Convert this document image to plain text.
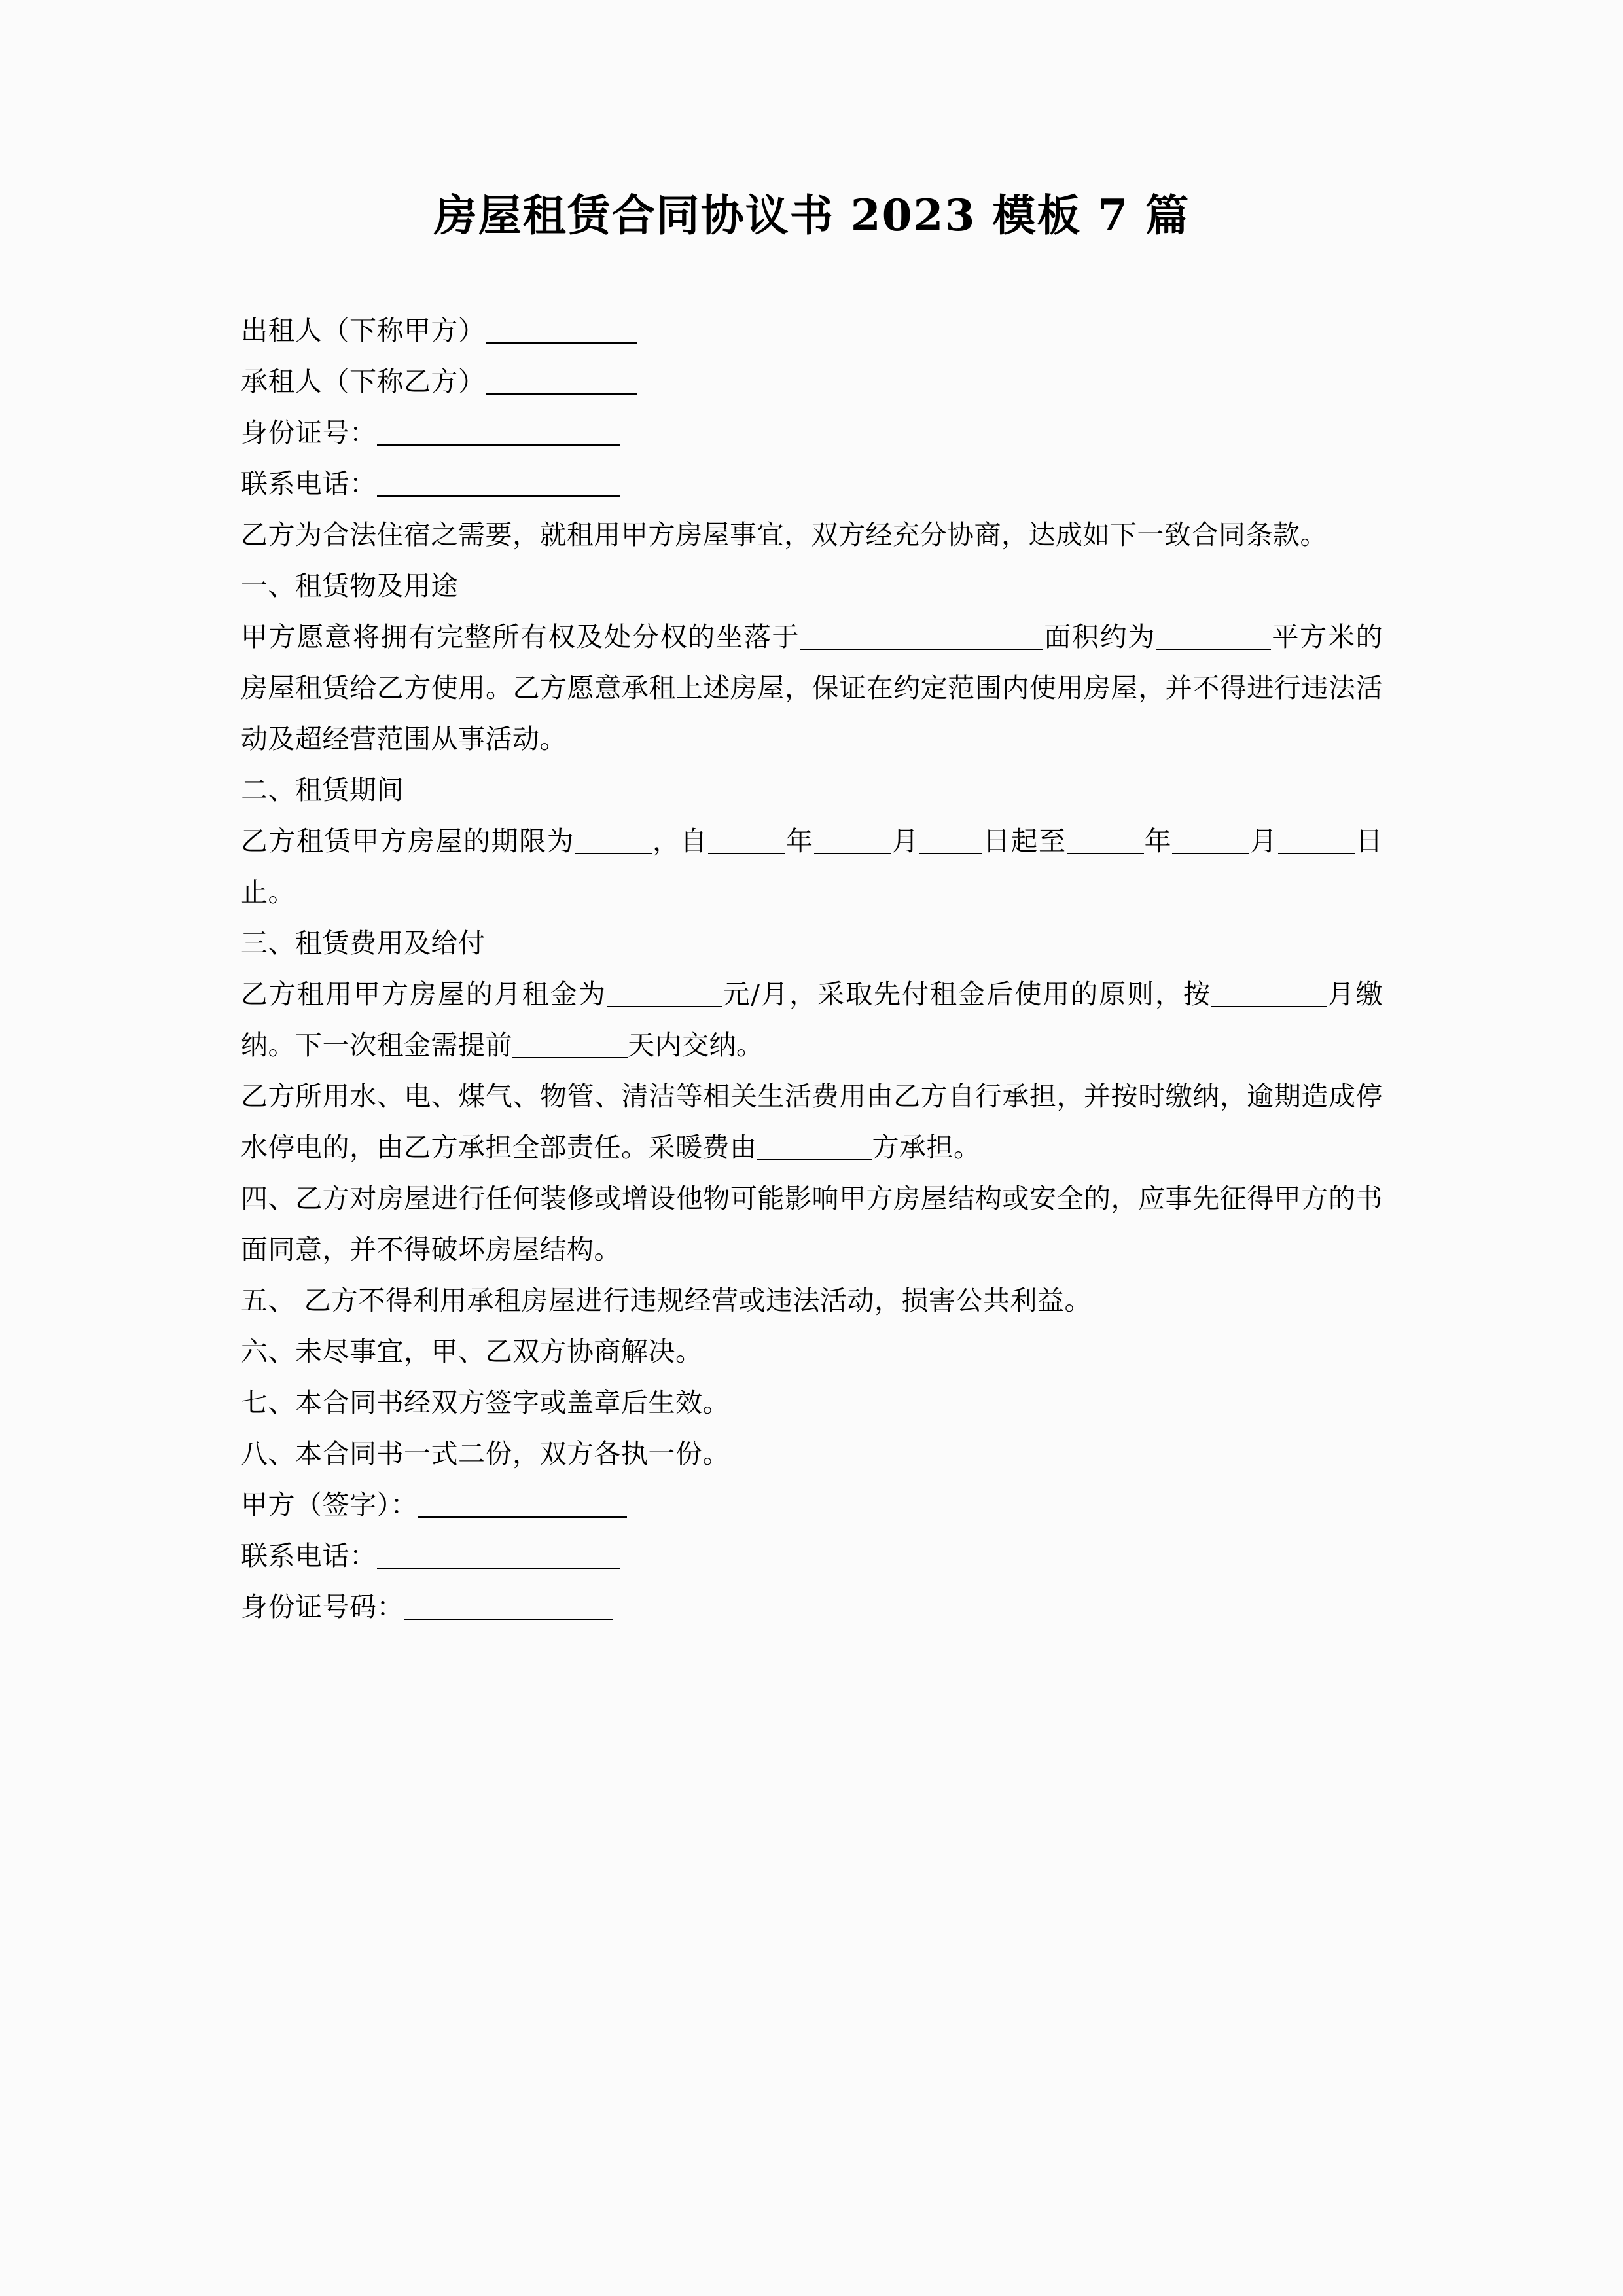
房屋租赁合同协议书 2023 模板 7 篇

出租人（下称甲方）

承租人（下称乙方）

身份证号：

联系电话：

乙方为合法住宿之需要，就租用甲方房屋事宜，双方经充分协商，达成如下一致合同条款。

一、租赁物及用途

甲方愿意将拥有完整所有权及处分权的坐落于	面积约为	平方米的房屋租赁给乙方使用。乙方愿意承租上述房屋，保证在约定范围内使用房屋，并不得进行违法活动及超经营范围从事活动。

二、租赁期间

乙方租赁甲方房屋的期限为	，自	年	月 日起至	年	月	日止。

三、租赁费用及给付

乙方租用甲方房屋的月租金为	元/月，采取先付租金后使用的原则，按	月缴纳。下一次租金需提前	天内交纳。

乙方所用水、电、煤气、物管、清洁等相关生活费用由乙方自行承担，并按时缴纳，逾期造成停水停电的，由乙方承担全部责任。采暖费由	方承担。

四、乙方对房屋进行任何装修或增设他物可能影响甲方房屋结构或安全的，应事先征得甲方的书面同意，并不得破坏房屋结构。

五、 乙方不得利用承租房屋进行违规经营或违法活动，损害公共利益。

六、未尽事宜，甲、乙双方协商解决。

七、本合同书经双方签字或盖章后生效。

八、本合同书一式二份，双方各执一份。

甲方（签字）：

联系电话：

身份证号码：
